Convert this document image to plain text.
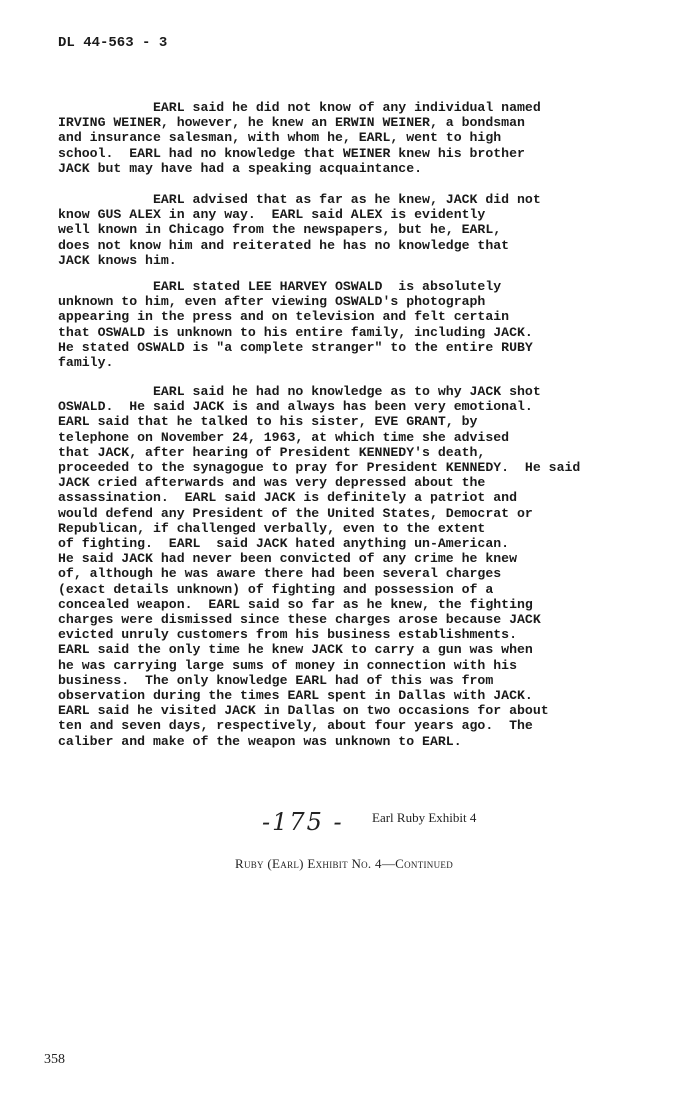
DL 44-563 - 3

EARL said he did not know of any individual named
IRVING WEINER, however, he knew an ERWIN WEINER, a bondsman
and insurance salesman, with whom he, EARL, went to high
school.  EARL had no knowledge that WEINER knew his brother
JACK but may have had a speaking acquaintance.

EARL advised that as far as he knew, JACK did not
know GUS ALEX in any way.  EARL said ALEX is evidently
well known in Chicago from the newspapers, but he, EARL,
does not know him and reiterated he has no knowledge that
JACK knows him.

EARL stated LEE HARVEY OSWALD  is absolutely
unknown to him, even after viewing OSWALD's photograph
appearing in the press and on television and felt certain
that OSWALD is unknown to his entire family, including JACK.
He stated OSWALD is "a complete stranger" to the entire RUBY
family.

EARL said he had no knowledge as to why JACK shot
OSWALD.  He said JACK is and always has been very emotional.
EARL said that he talked to his sister, EVE GRANT, by
telephone on November 24, 1963, at which time she advised
that JACK, after hearing of President KENNEDY's death,
proceeded to the synagogue to pray for President KENNEDY.  He said
JACK cried afterwards and was very depressed about the
assassination.  EARL said JACK is definitely a patriot and
would defend any President of the United States, Democrat or
Republican, if challenged verbally, even to the extent
of fighting.  EARL  said JACK hated anything un-American.
He said JACK had never been convicted of any crime he knew
of, although he was aware there had been several charges
(exact details unknown) of fighting and possession of a
concealed weapon.  EARL said so far as he knew, the fighting
charges were dismissed since these charges arose because JACK
evicted unruly customers from his business establishments.
EARL said the only time he knew JACK to carry a gun was when
he was carrying large sums of money in connection with his
business.  The only knowledge EARL had of this was from
observation during the times EARL spent in Dallas with JACK.
EARL said he visited JACK in Dallas on two occasions for about
ten and seven days, respectively, about four years ago.  The
caliber and make of the weapon was unknown to EARL.

-175 - Earl Ruby Exhibit 4
Ruby (Earl) Exhibit No. 4—Continued
358
